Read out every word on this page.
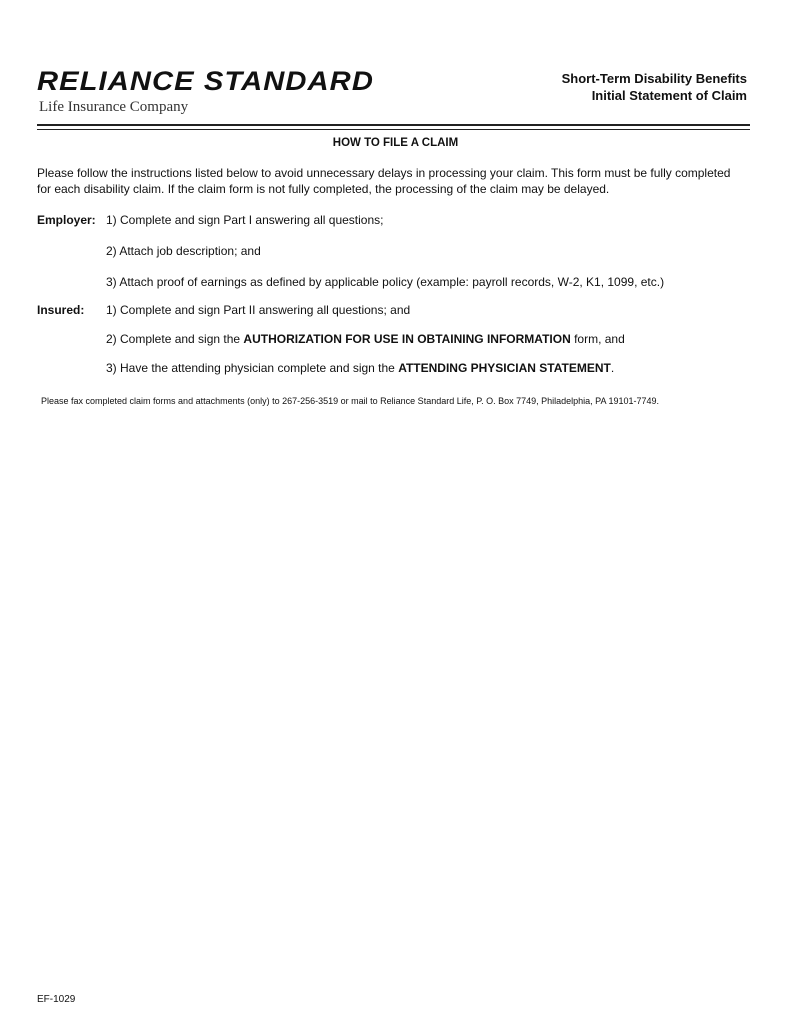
RELIANCE STANDARD
Life Insurance Company
Short-Term Disability Benefits
Initial Statement of Claim
HOW TO FILE A CLAIM
Please follow the instructions listed below to avoid unnecessary delays in processing your claim. This form must be fully completed for each disability claim. If the claim form is not fully completed, the processing of the claim may be delayed.
Employer: 1) Complete and sign Part I answering all questions;
2) Attach job description; and
3) Attach proof of earnings as defined by applicable policy (example: payroll records, W-2, K1, 1099, etc.)
Insured: 1) Complete and sign Part II answering all questions; and
2) Complete and sign the AUTHORIZATION FOR USE IN OBTAINING INFORMATION form, and
3) Have the attending physician complete and sign the ATTENDING PHYSICIAN STATEMENT.
Please fax completed claim forms and attachments (only) to 267-256-3519 or mail to Reliance Standard Life, P. O. Box 7749, Philadelphia, PA 19101-7749.
EF-1029
